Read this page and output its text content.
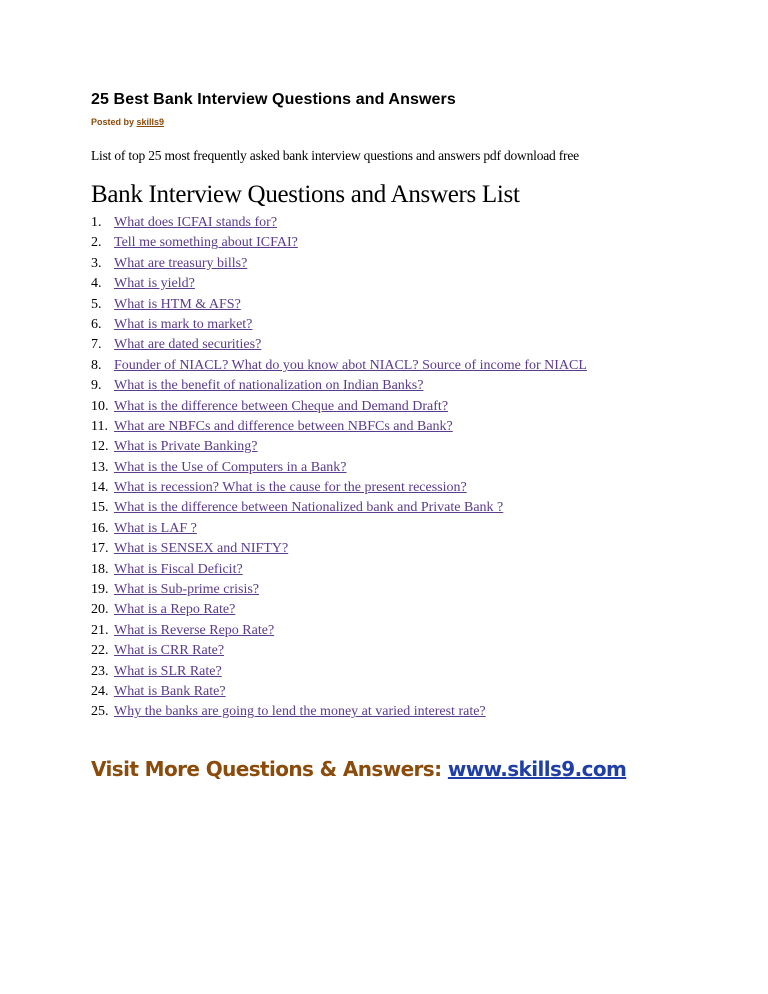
25 Best Bank Interview Questions and Answers
Posted by skills9
List of top 25 most frequently asked bank interview questions and answers pdf download free
Bank Interview Questions and Answers List
1. What does ICFAI stands for?
2. Tell me something about ICFAI?
3. What are treasury bills?
4. What is yield?
5. What is HTM & AFS?
6. What is mark to market?
7. What are dated securities?
8. Founder of NIACL? What do you know abot NIACL? Source of income for NIACL
9. What is the benefit of nationalization on Indian Banks?
10. What is the difference between Cheque and Demand Draft?
11. What are NBFCs and difference between NBFCs and Bank?
12. What is Private Banking?
13. What is the Use of Computers in a Bank?
14. What is recession? What is the cause for the present recession?
15. What is the difference between Nationalized bank and Private Bank ?
16. What is LAF ?
17. What is SENSEX and NIFTY?
18. What is Fiscal Deficit?
19. What is Sub-prime crisis?
20. What is a Repo Rate?
21. What is Reverse Repo Rate?
22. What is CRR Rate?
23. What is SLR Rate?
24. What is Bank Rate?
25. Why the banks are going to lend the money at varied interest rate?
Visit More Questions & Answers: www.skills9.com
